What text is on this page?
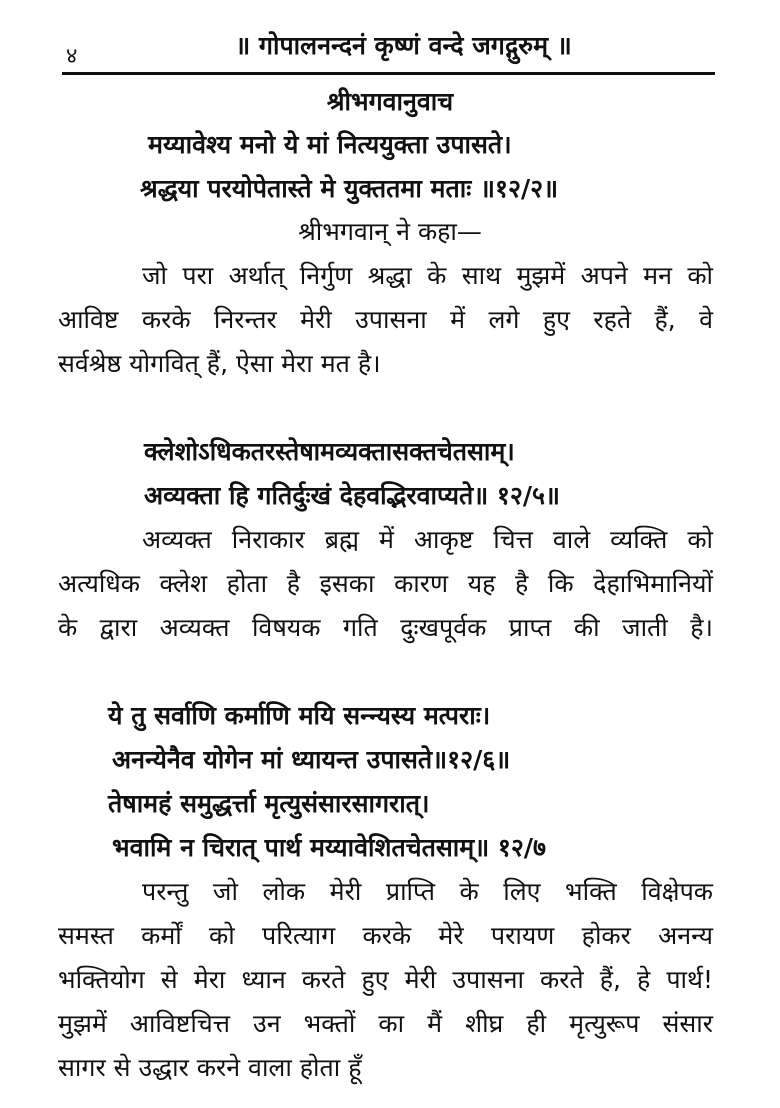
४	॥ गोपालनन्दनं कृष्णं वन्दे जगद्गुरुम् ॥
श्रीभगवानुवाच
मय्यावेश्य मनो ये मां नित्ययुक्ता उपासते।
श्रद्धया परयोपेतास्ते मे युक्ततमा मताः ॥१२/२॥
श्रीभगवान् ने कहा—
जो परा अर्थात् निर्गुण श्रद्धा के साथ मुझमें अपने मन को
आविष्ट करके निरन्तर मेरी उपासना में लगे हुए रहते हैं, वे
सर्वश्रेष्ठ योगवित् हैं, ऐसा मेरा मत है।
क्लेशोऽधिकतरस्तेषामव्यक्तासक्तचेतसाम्।
अव्यक्ता हि गतिर्दुःखं देहवद्भिरवाप्यते॥ १२/५॥
अव्यक्त निराकार ब्रह्म में आकृष्ट चित्त वाले व्यक्ति को
अत्यधिक क्लेश होता है इसका कारण यह है कि देहाभिमानियों
के द्वारा अव्यक्त विषयक गति दुःखपूर्वक प्राप्त की जाती है।
ये तु सर्वाणि कर्माणि मयि सन्न्यस्य मत्पराः।
अनन्येनैव योगेन मां ध्यायन्त उपासते॥१२/६॥
तेषामहं समुद्धर्त्ता मृत्युसंसारसागरात्।
भवामि न चिरात् पार्थ मय्यावेशितचेतसाम्॥ १२/७
परन्तु जो लोक मेरी प्राप्ति के लिए भक्ति विक्षेपक
समस्त कर्मों को परित्याग करके मेरे परायण होकर अनन्य
भक्तियोग से मेरा ध्यान करते हुए मेरी उपासना करते हैं, हे पार्थ!
मुझमें आविष्टचित्त उन भक्तों का मैं शीघ्र ही मृत्युरूप संसार
सागर से उद्धार करने वाला होता हूँ
